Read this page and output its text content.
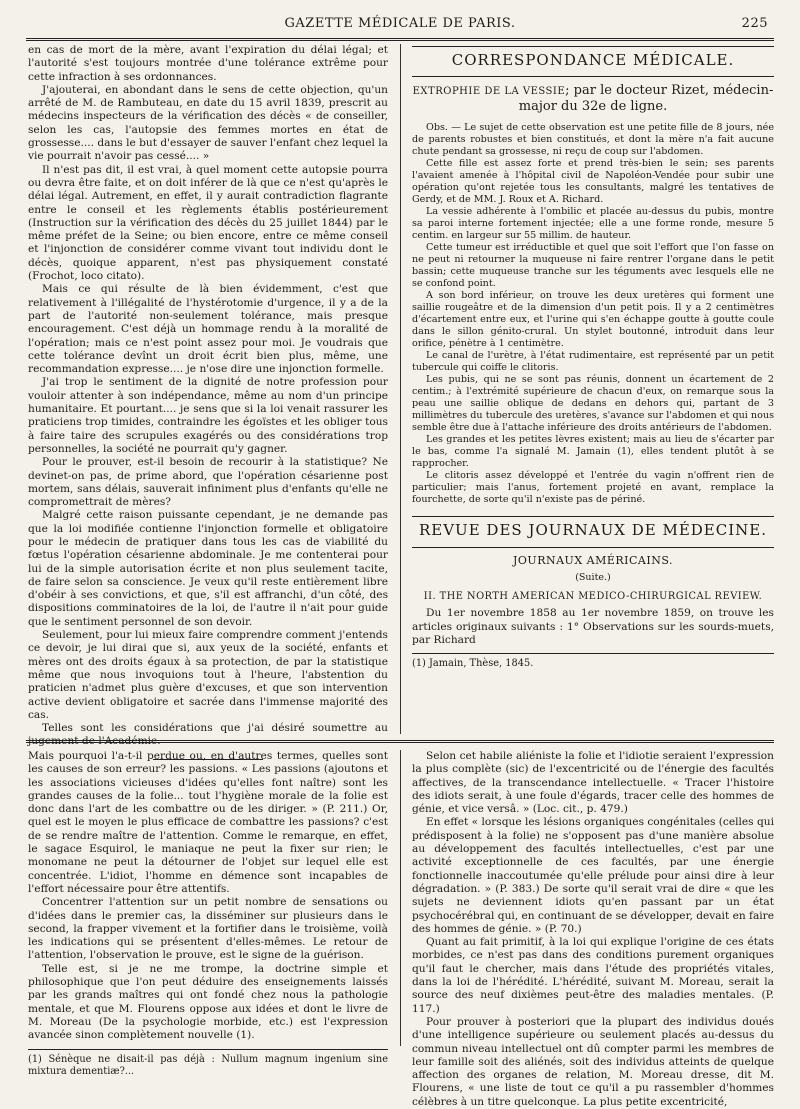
GAZETTE MÉDICALE DE PARIS.	225

en cas de mort de la mère, avant l'expiration du délai légal; et l'autorité s'est toujours montrée d'une tolérance extrême pour cette infraction à ses ordonnances.

J'ajouterai, en abondant dans le sens de cette objection, qu'un arrêté de M. de Rambuteau, en date du 15 avril 1839, prescrit au médecins inspecteurs de la vérification des décès « de conseiller, selon les cas, l'autopsie des femmes mortes en état de grossesse.... dans le but d'essayer de sauver l'enfant chez lequel la vie pourrait n'avoir pas cessé.... »

Il n'est pas dit, il est vrai, à quel moment cette autopsie pourra ou devra être faite, et on doit inférer de là que ce n'est qu'après le délai légal. Autrement, en effet, il y aurait contradiction flagrante entre le conseil et les règlements établis postérieurement (Instruction sur la vérification des décès du 25 juillet 1844) par le même préfet de la Seine; ou bien encore, entre ce même conseil et l'injonction de considérer comme vivant tout individu dont le décès, quoique apparent, n'est pas physiquement constaté (Frochot, loco citato).

Mais ce qui résulte de là bien évidemment, c'est que relativement à l'illégalité de l'hystérotomie d'urgence, il y a de la part de l'autorité non-seulement tolérance, mais presque encouragement. C'est déjà un hommage rendu à la moralité de l'opération; mais ce n'est point assez pour moi. Je voudrais que cette tolérance devînt un droit écrit bien plus, même, une recommandation expresse.... je n'ose dire une injonction formelle.

J'ai trop le sentiment de la dignité de notre profession pour vouloir attenter à son indépendance, même au nom d'un principe humanitaire. Et pourtant.... je sens que si la loi venait rassurer les praticiens trop timides, contraindre les égoïstes et les obliger tous à faire taire des scrupules exagérés ou des considérations trop personnelles, la société ne pourrait qu'y gagner.

Pour le prouver, est-il besoin de recourir à la statistique? Ne devinet-on pas, de prime abord, que l'opération césarienne post mortem, sans délais, sauverait infiniment plus d'enfants qu'elle ne compromettrait de mères?

Malgré cette raison puissante cependant, je ne demande pas que la loi modifiée contienne l'injonction formelle et obligatoire pour le médecin de pratiquer dans tous les cas de viabilité du fœtus l'opération césarienne abdominale. Je me contenterai pour lui de la simple autorisation écrite et non plus seulement tacite, de faire selon sa conscience. Je veux qu'il reste entièrement libre d'obéir à ses convictions, et que, s'il est affranchi, d'un côté, des dispositions comminatoires de la loi, de l'autre il n'ait pour guide que le sentiment personnel de son devoir.

Seulement, pour lui mieux faire comprendre comment j'entends ce devoir, je lui dirai que si, aux yeux de la société, enfants et mères ont des droits égaux à sa protection, de par la statistique même que nous invoquions tout à l'heure, l'abstention du praticien n'admet plus guère d'excuses, et que son intervention active devient obligatoire et sacrée dans l'immense majorité des cas.

Telles sont les considérations que j'ai désiré soumettre au jugement de l'Académie.

CORRESPONDANCE MÉDICALE.
EXTROPHIE DE LA VESSIE; par le docteur Rizet, médecin-major du 32e de ligne.

Obs. — Le sujet de cette observation est une petite fille de 8 jours, née de parents robustes et bien constitués, et dont la mère n'a fait aucune chute pendant sa grossesse, ni reçu de coup sur l'abdomen.

Cette fille est assez forte et prend très-bien le sein; ses parents l'avaient amenée à l'hôpital civil de Napoléon-Vendée pour subir une opération qu'ont rejetée tous les consultants, malgré les tentatives de Gerdy, et de MM. J. Roux et A. Richard.

La vessie adhérente à l'ombilic et placée au-dessus du pubis, montre sa paroi interne fortement injectée; elle a une forme ronde, mesure 5 centim. en largeur sur 55 millim. de hauteur.

Cette tumeur est irréductible et quel que soit l'effort que l'on fasse on ne peut ni retourner la muqueuse ni faire rentrer l'organe dans le petit bassin; cette muqueuse tranche sur les téguments avec lesquels elle ne se confond point.

A son bord inférieur, on trouve les deux uretères qui forment une saillie rougeâtre et de la dimension d'un petit pois. Il y a 2 centimètres d'écartement entre eux, et l'urine qui s'en échappe goutte à goutte coule dans le sillon génito-crural. Un stylet boutonné, introduit dans leur orifice, pénètre à 1 centimètre.

Le canal de l'urètre, à l'état rudimentaire, est représenté par un petit tubercule qui coiffe le clitoris.

Les pubis, qui ne se sont pas réunis, donnent un écartement de 2 centim.; à l'extrémité supérieure de chacun d'eux, on remarque sous la peau une saillie oblique de dedans en dehors qui, partant de 3 millimètres du tubercule des uretères, s'avance sur l'abdomen et qui nous semble être due à l'attache inférieure des droits antérieurs de l'abdomen.

Les grandes et les petites lèvres existent; mais au lieu de s'écarter par le bas, comme l'a signalé M. Jamain (1), elles tendent plutôt à se rapprocher.

Le clitoris assez développé et l'entrée du vagin n'offrent rien de particulier; mais l'anus, fortement projeté en avant, remplace la fourchette, de sorte qu'il n'existe pas de périné.

REVUE DES JOURNAUX DE MÉDECINE.
JOURNAUX AMÉRICAINS.
(Suite.)
II. THE NORTH AMERICAN MEDICO-CHIRURGICAL REVIEW.

Du 1er novembre 1858 au 1er novembre 1859, on trouve les articles originaux suivants : 1° Observations sur les sourds-muets, par Richard

(1) Jamain, Thèse, 1845.

Mais pourquoi l'a-t-il perdue ou, en d'autres termes, quelles sont les causes de son erreur? les passions. « Les passions (ajoutons et les associations vicieuses d'idées qu'elles font naître) sont les grandes causes de la folie... tout l'hygiène morale de la folie est donc dans l'art de les combattre ou de les diriger. » (P. 211.) Or, quel est le moyen le plus efficace de combattre les passions? c'est de se rendre maître de l'attention. Comme le remarque, en effet, le sagace Esquirol, le maniaque ne peut la fixer sur rien; le monomane ne peut la détourner de l'objet sur lequel elle est concentrée. L'idiot, l'homme en démence sont incapables de l'effort nécessaire pour être attentifs.

Concentrer l'attention sur un petit nombre de sensations ou d'idées dans le premier cas, la disséminer sur plusieurs dans le second, la frapper vivement et la fortifier dans le troisième, voilà les indications qui se présentent d'elles-mêmes. Le retour de l'attention, l'observation le prouve, est le signe de la guérison.

Telle est, si je ne me trompe, la doctrine simple et philosophique que l'on peut déduire des enseignements laissés par les grands maîtres qui ont fondé chez nous la pathologie mentale, et que M. Flourens oppose aux idées et dont le livre de M. Moreau (De la psychologie morbide, etc.) est l'expression avancée sinon complètement nouvelle (1).

(1) Sénèque ne disait-il pas déjà : Nullum magnum ingenium sine mixtura dementiæ?...

Selon cet habile aliéniste la folie et l'idiotie seraient l'expression la plus complète (sic) de l'excentricité ou de l'énergie des facultés affectives, de la transcendance intellectuelle. « Tracer l'histoire des idiots serait, à une foule d'égards, tracer celle des hommes de génie, et vice versâ. » (Loc. cit., p. 479.)

En effet « lorsque les lésions organiques congénitales (celles qui prédisposent à la folie) ne s'opposent pas d'une manière absolue au développement des facultés intellectuelles, c'est par une activité exceptionnelle de ces facultés, par une énergie fonctionnelle inaccoutumée qu'elle prélude pour ainsi dire à leur dégradation. » (P. 383.) De sorte qu'il serait vrai de dire « que les sujets ne deviennent idiots qu'en passant par un état psychocérébral qui, en continuant de se développer, devait en faire des hommes de génie. » (P. 70.)

Quant au fait primitif, à la loi qui explique l'origine de ces états morbides, ce n'est pas dans des conditions purement organiques qu'il faut le chercher, mais dans l'étude des propriétés vitales, dans la loi de l'hérédité. L'hérédité, suivant M. Moreau, serait la source des neuf dixièmes peut-être des maladies mentales. (P. 117.)

Pour prouver à posteriori que la plupart des individus doués d'une intelligence supérieure ou seulement placés au-dessus du commun niveau intellectuel ont dû compter parmi les membres de leur famille soit des aliénés, soit des individus atteints de quelque affection des organes de relation, M. Moreau dresse, dit M. Flourens, « une liste de tout ce qu'il a pu rassembler d'hommes célèbres à un titre quelconque. La plus petite excentricité,
